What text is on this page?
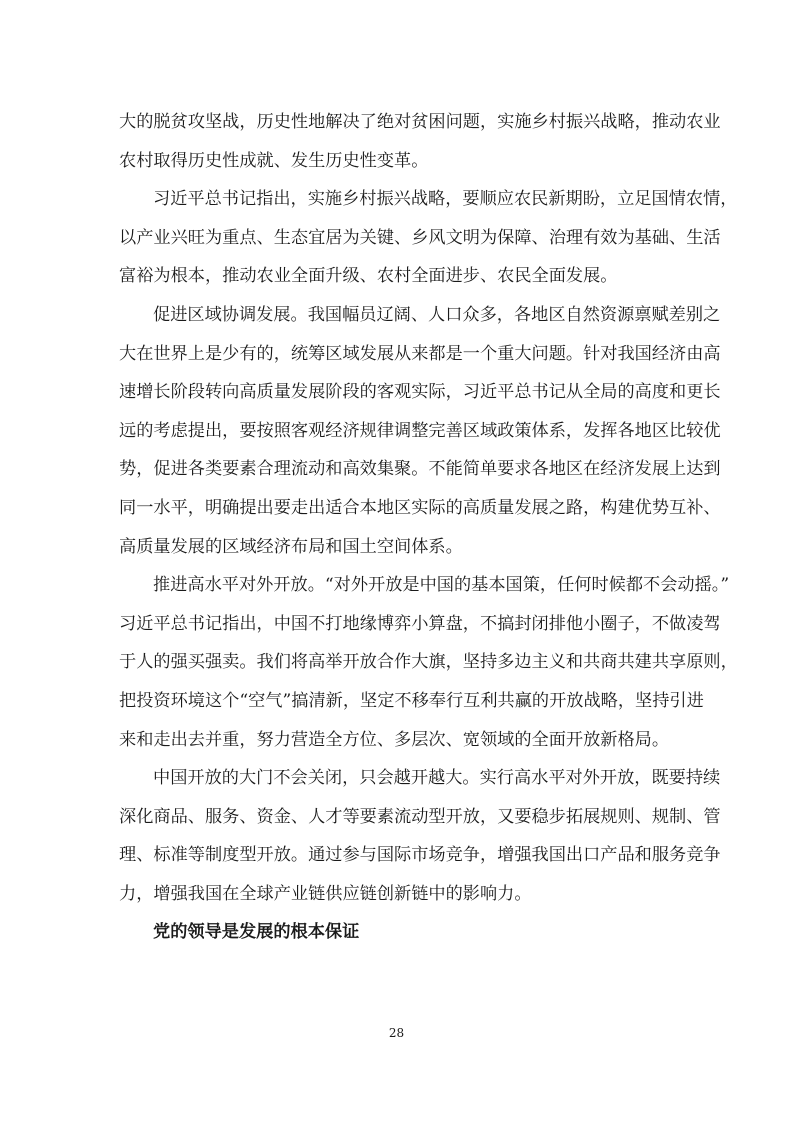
大的脱贫攻坚战，历史性地解决了绝对贫困问题，实施乡村振兴战略，推动农业
农村取得历史性成就、发生历史性变革。
习近平总书记指出，实施乡村振兴战略，要顺应农民新期盼，立足国情农情，
以产业兴旺为重点、生态宜居为关键、乡风文明为保障、治理有效为基础、生活
富裕为根本，推动农业全面升级、农村全面进步、农民全面发展。
促进区域协调发展。我国幅员辽阔、人口众多，各地区自然资源禀赋差别之
大在世界上是少有的，统筹区域发展从来都是一个重大问题。针对我国经济由高
速增长阶段转向高质量发展阶段的客观实际，习近平总书记从全局的高度和更长
远的考虑提出，要按照客观经济规律调整完善区域政策体系，发挥各地区比较优
势，促进各类要素合理流动和高效集聚。不能简单要求各地区在经济发展上达到
同一水平，明确提出要走出适合本地区实际的高质量发展之路，构建优势互补、
高质量发展的区域经济布局和国土空间体系。
推进高水平对外开放。“对外开放是中国的基本国策，任何时候都不会动摇。”
习近平总书记指出，中国不打地缘博弈小算盘，不搞封闭排他小圈子，不做凌驾
于人的强买强卖。我们将高举开放合作大旗，坚持多边主义和共商共建共享原则，
把投资环境这个“空气”搞清新，坚定不移奉行互利共赢的开放战略，坚持引进
来和走出去并重，努力营造全方位、多层次、宽领域的全面开放新格局。
中国开放的大门不会关闭，只会越开越大。实行高水平对外开放，既要持续
深化商品、服务、资金、人才等要素流动型开放，又要稳步拓展规则、规制、管
理、标准等制度型开放。通过参与国际市场竞争，增强我国出口产品和服务竞争
力，增强我国在全球产业链供应链创新链中的影响力。
党的领导是发展的根本保证
28
